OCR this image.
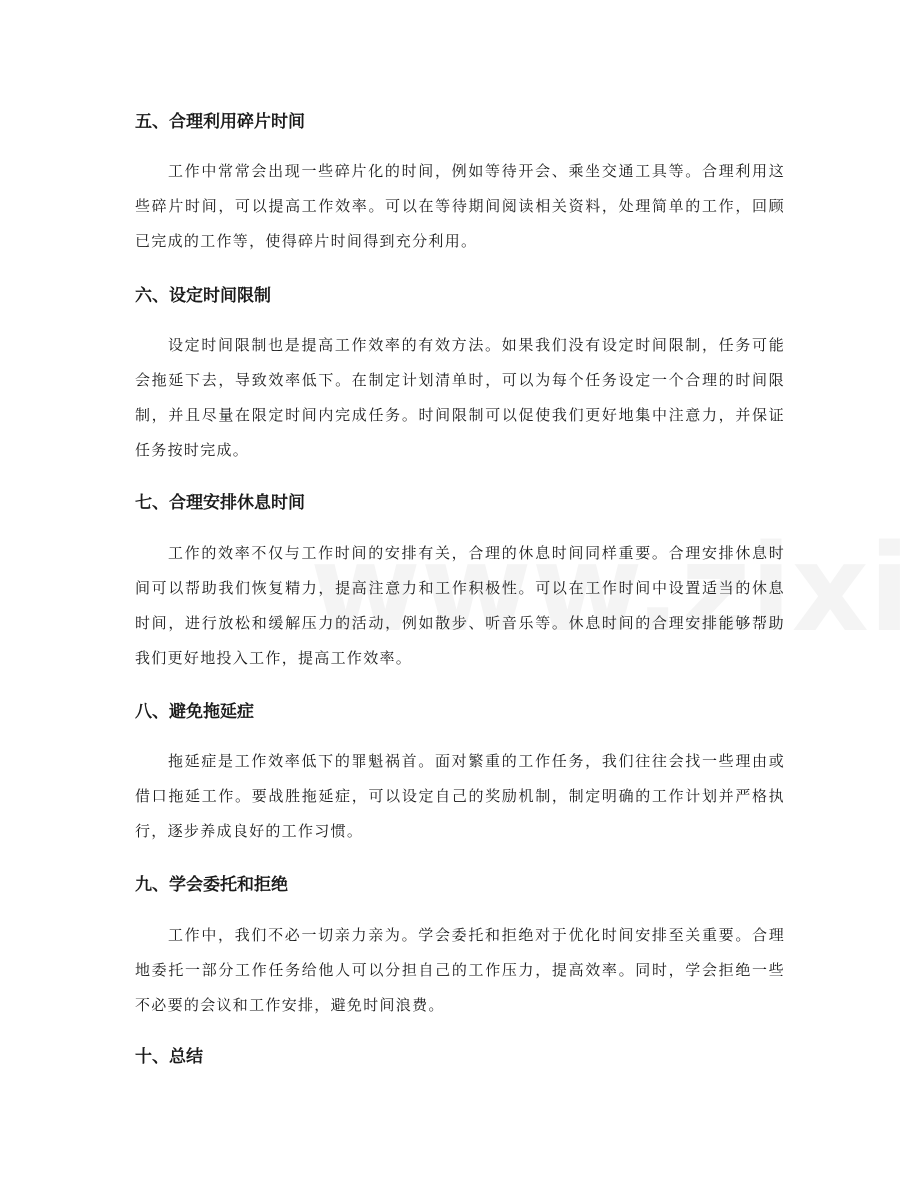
五、合理利用碎片时间

工作中常常会出现一些碎片化的时间，例如等待开会、乘坐交通工具等。合理利用这些碎片时间，可以提高工作效率。可以在等待期间阅读相关资料，处理简单的工作，回顾已完成的工作等，使得碎片时间得到充分利用。

六、设定时间限制

设定时间限制也是提高工作效率的有效方法。如果我们没有设定时间限制，任务可能会拖延下去，导致效率低下。在制定计划清单时，可以为每个任务设定一个合理的时间限制，并且尽量在限定时间内完成任务。时间限制可以促使我们更好地集中注意力，并保证任务按时完成。

七、合理安排休息时间

工作的效率不仅与工作时间的安排有关，合理的休息时间同样重要。合理安排休息时间可以帮助我们恢复精力，提高注意力和工作积极性。可以在工作时间中设置适当的休息时间，进行放松和缓解压力的活动，例如散步、听音乐等。休息时间的合理安排能够帮助我们更好地投入工作，提高工作效率。

八、避免拖延症

拖延症是工作效率低下的罪魁祸首。面对繁重的工作任务，我们往往会找一些理由或借口拖延工作。要战胜拖延症，可以设定自己的奖励机制，制定明确的工作计划并严格执行，逐步养成良好的工作习惯。

九、学会委托和拒绝

工作中，我们不必一切亲力亲为。学会委托和拒绝对于优化时间安排至关重要。合理地委托一部分工作任务给他人可以分担自己的工作压力，提高效率。同时，学会拒绝一些不必要的会议和工作安排，避免时间浪费。

十、总结
